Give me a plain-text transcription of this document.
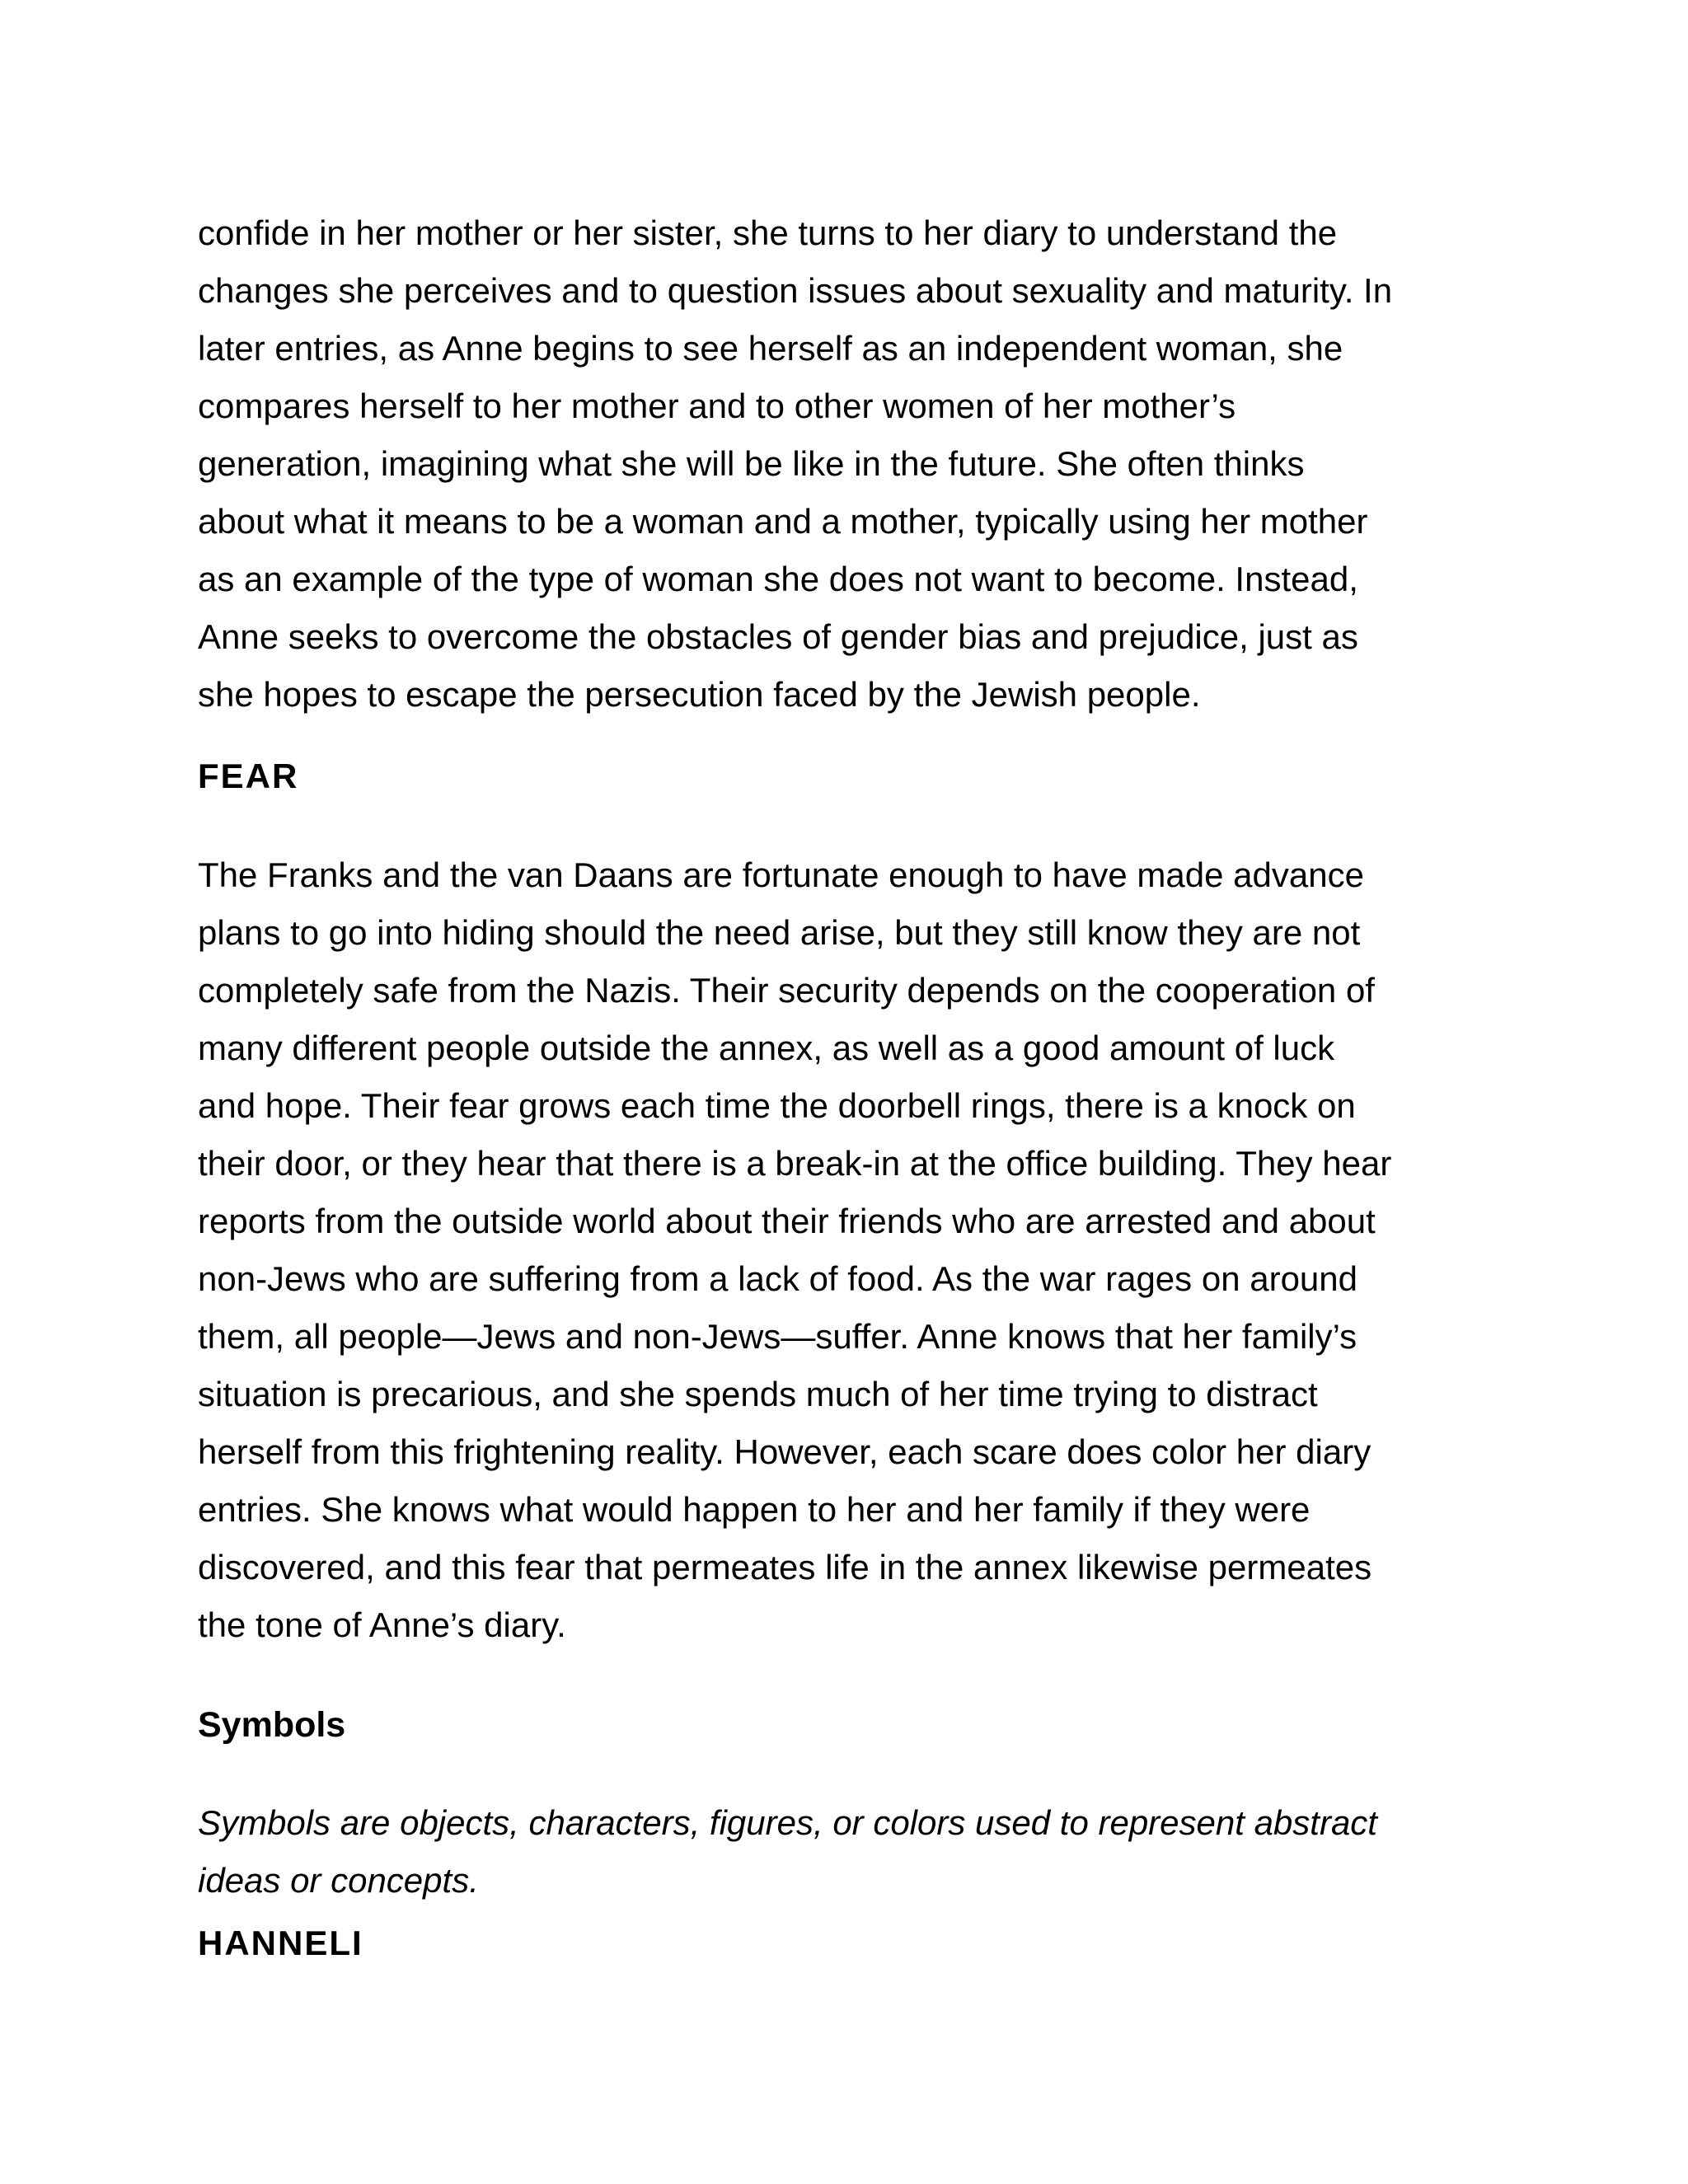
confide in her mother or her sister, she turns to her diary to understand the
changes she perceives and to question issues about sexuality and maturity. In
later entries, as Anne begins to see herself as an independent woman, she
compares herself to her mother and to other women of her mother’s
generation, imagining what she will be like in the future. She often thinks
about what it means to be a woman and a mother, typically using her mother
as an example of the type of woman she does not want to become. Instead,
Anne seeks to overcome the obstacles of gender bias and prejudice, just as
she hopes to escape the persecution faced by the Jewish people.

FEAR

The Franks and the van Daans are fortunate enough to have made advance
plans to go into hiding should the need arise, but they still know they are not
completely safe from the Nazis. Their security depends on the cooperation of
many different people outside the annex, as well as a good amount of luck
and hope. Their fear grows each time the doorbell rings, there is a knock on
their door, or they hear that there is a break-in at the office building. They hear
reports from the outside world about their friends who are arrested and about
non-Jews who are suffering from a lack of food. As the war rages on around
them, all people—Jews and non-Jews—suffer. Anne knows that her family’s
situation is precarious, and she spends much of her time trying to distract
herself from this frightening reality. However, each scare does color her diary
entries. She knows what would happen to her and her family if they were
discovered, and this fear that permeates life in the annex likewise permeates
the tone of Anne’s diary.

Symbols

Symbols are objects, characters, figures, or colors used to represent abstract
ideas or concepts.

HANNELI
